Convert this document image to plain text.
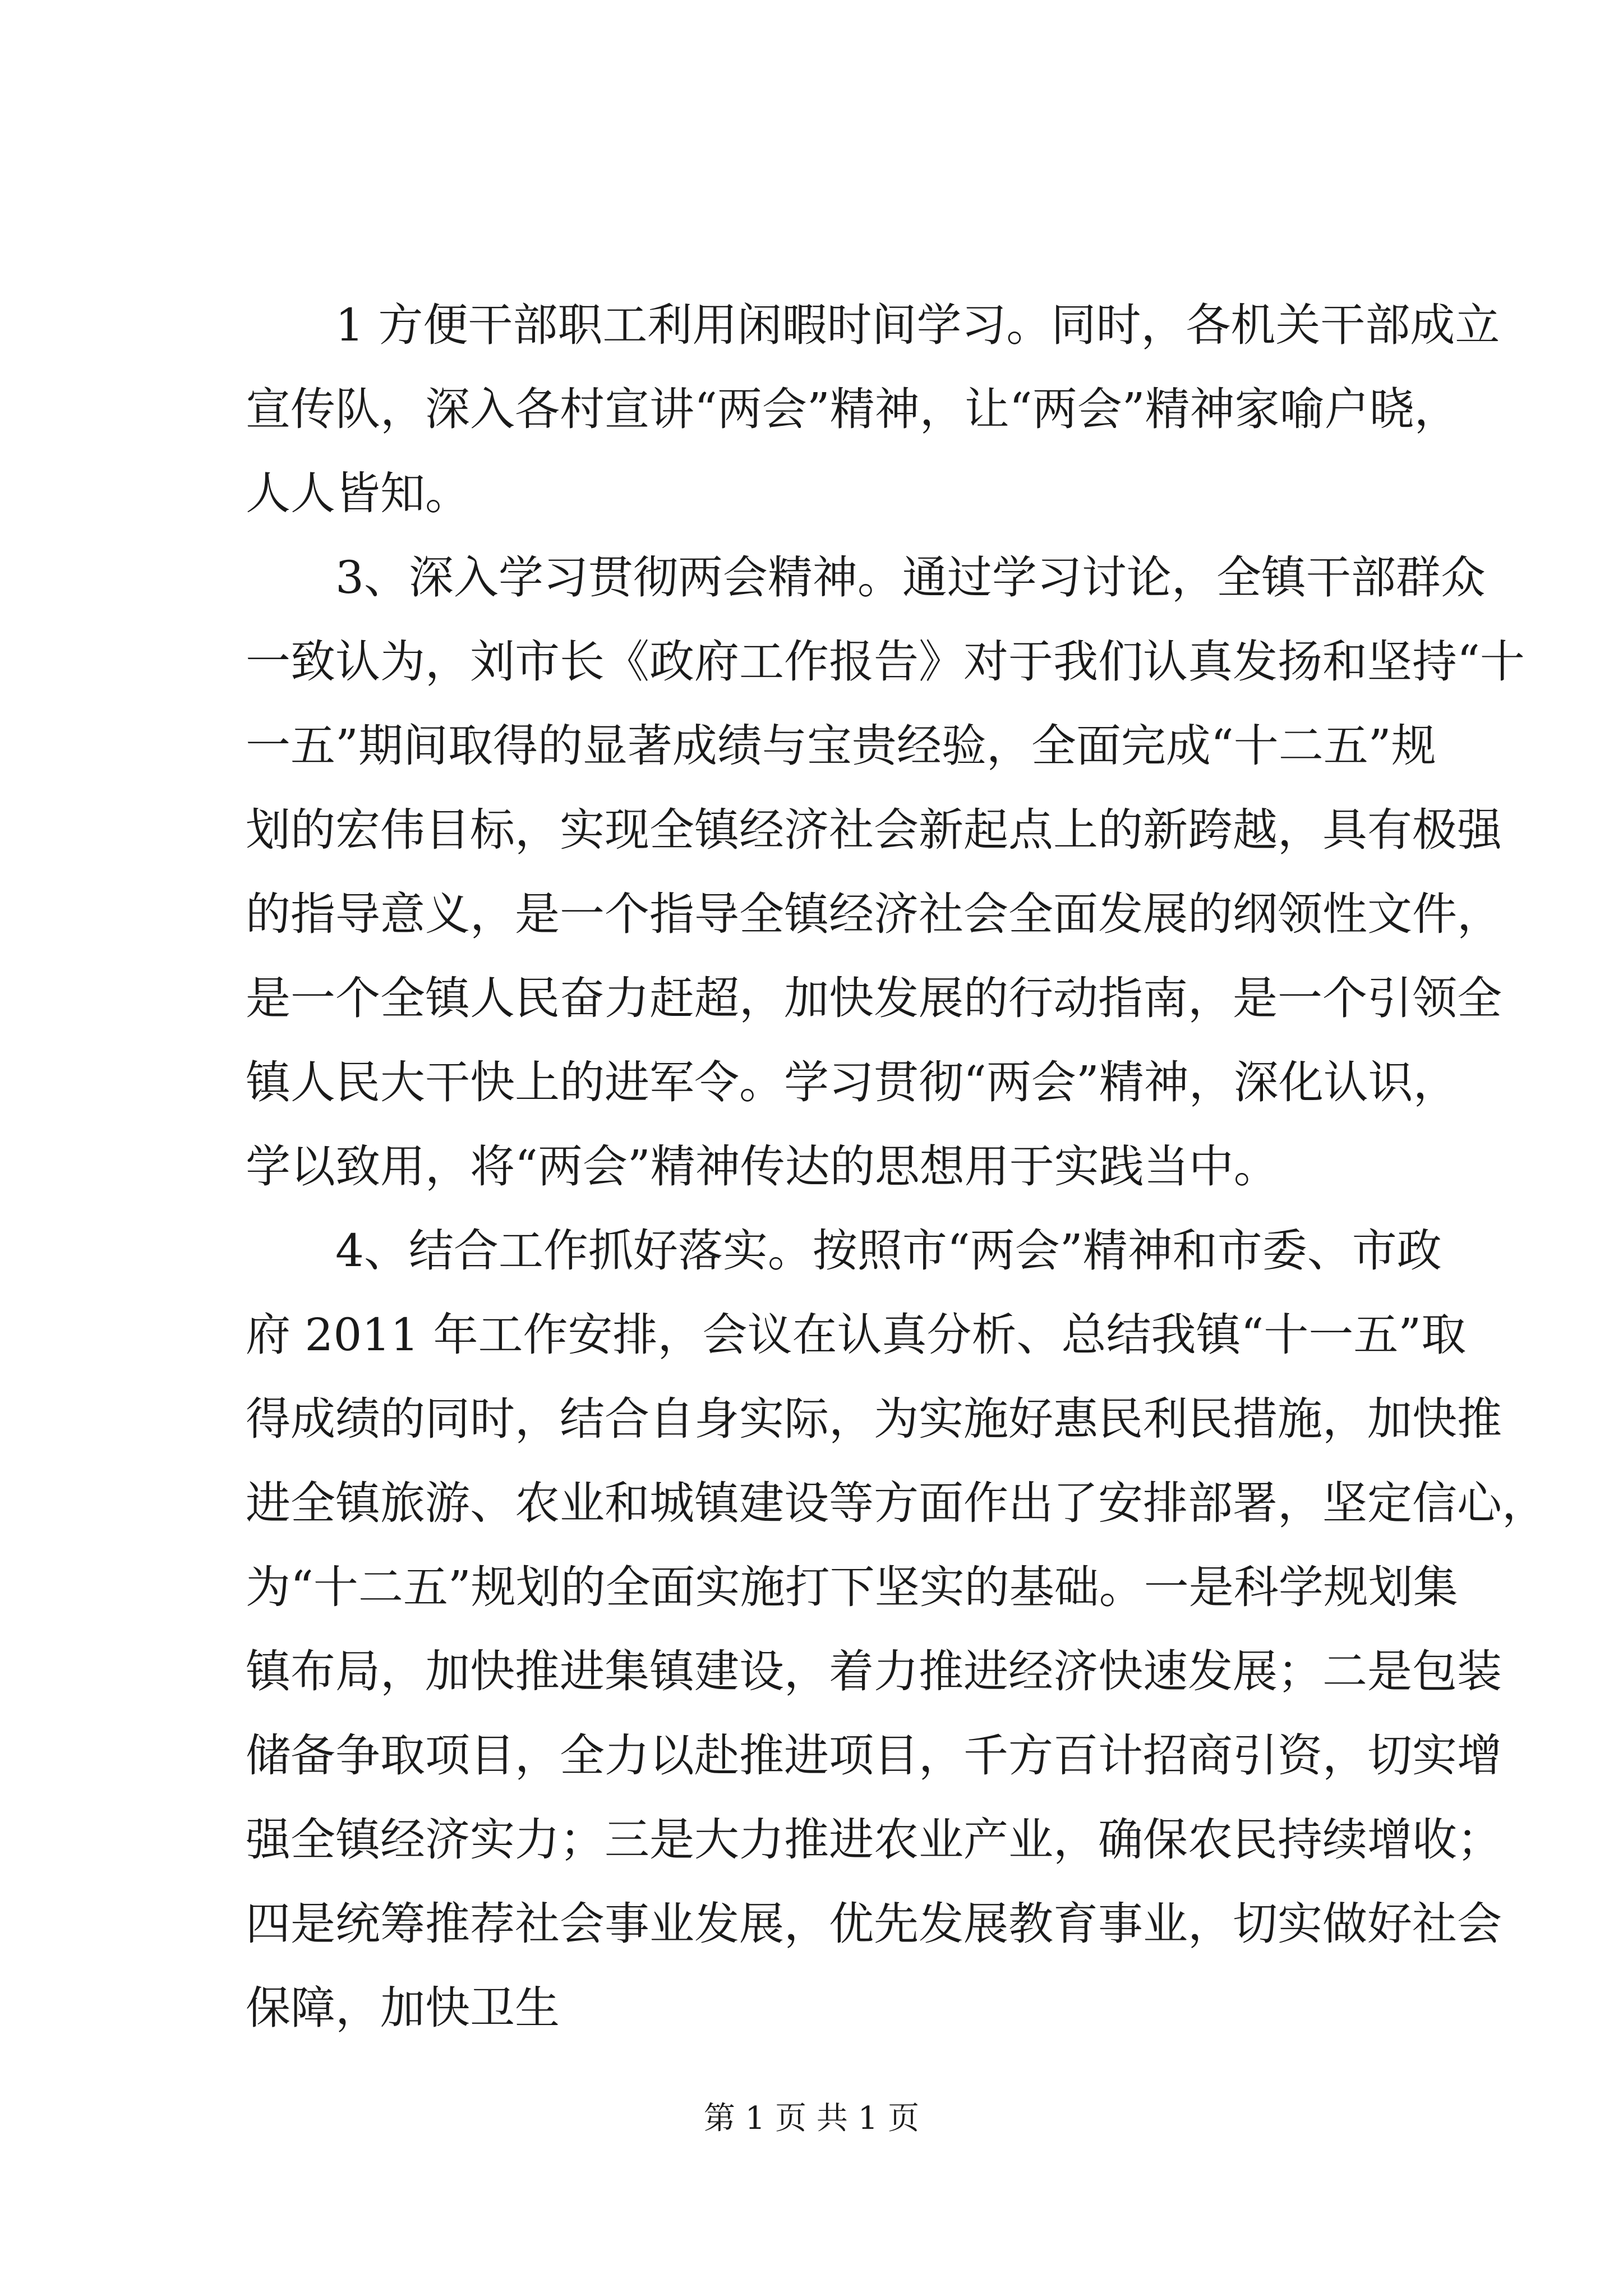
1 方便干部职工利用闲暇时间学习。同时，各机关干部成立
宣传队，深入各村宣讲“两会”精神，让“两会”精神家喻户晓，
人人皆知。
3、深入学习贯彻两会精神。通过学习讨论，全镇干部群众
一致认为，刘市长《政府工作报告》对于我们认真发扬和坚持“十
一五”期间取得的显著成绩与宝贵经验，全面完成“十二五”规
划的宏伟目标，实现全镇经济社会新起点上的新跨越，具有极强
的指导意义，是一个指导全镇经济社会全面发展的纲领性文件，
是一个全镇人民奋力赶超，加快发展的行动指南，是一个引领全
镇人民大干快上的进军令。学习贯彻“两会”精神，深化认识，
学以致用，将“两会”精神传达的思想用于实践当中。
4、结合工作抓好落实。按照市“两会”精神和市委、市政
府 2011 年工作安排，会议在认真分析、总结我镇“十一五”取
得成绩的同时，结合自身实际，为实施好惠民利民措施，加快推
进全镇旅游、农业和城镇建设等方面作出了安排部署，坚定信心，
为“十二五”规划的全面实施打下坚实的基础。一是科学规划集
镇布局，加快推进集镇建设，着力推进经济快速发展；二是包装
储备争取项目，全力以赴推进项目，千方百计招商引资，切实增
强全镇经济实力；三是大力推进农业产业，确保农民持续增收；
四是统筹推荐社会事业发展，优先发展教育事业，切实做好社会
保障，加快卫生
第 1 页 共 1 页
